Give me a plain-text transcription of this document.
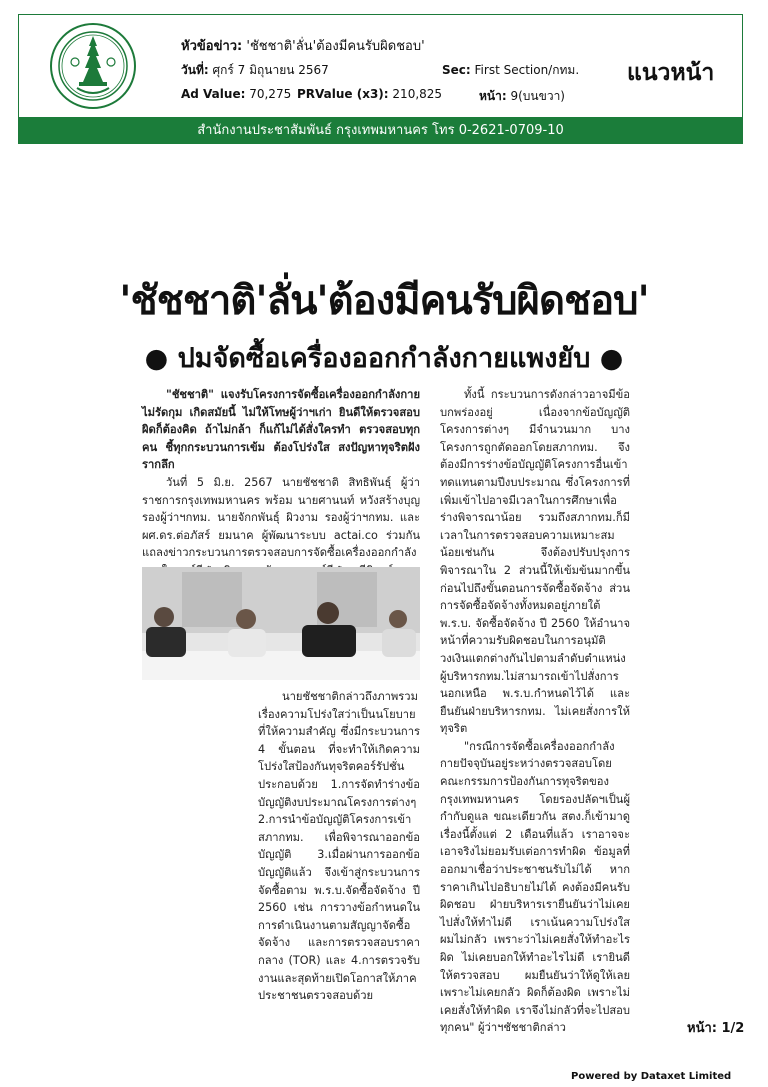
หัวข้อข่าว: 'ชัชชาติ'ลั่น'ต้องมีคนรับผิดชอบ'
วันที่: ศุกร์ 7 มิถุนายน 2567	Sec: First Section/กทม.
Ad Value: 70,275 PRValue (x3): 210,825	หน้า: 9(บนขวา)
แนวหน้า
สำนักงานประชาสัมพันธ์ กรุงเทพมหานคร โทร 0-2621-0709-10
'ชัชชาติ'ลั่น'ต้องมีคนรับผิดชอบ'
● ปมจัดซื้อเครื่องออกกำลังกายแพงยับ ●

"ชัชชาติ" แจงรับโครงการจัดซื้อเครื่องออกกำลังกายไม่รัดกุม เกิดสมัยนี้ ไม่ให้โทษผู้ว่าฯเก่า ยินดีให้ตรวจสอบ ผิดก็ต้องคิด ถ้าไม่กล้า ก็แก้ไม่ได้สั่งใครทำ ตรวจสอบทุกคน ชี้ทุกกระบวนการเข้ม ต้องโปร่งใส สงปัญหาทุจริตฝังรากลึก

วันที่ 5 มิ.ย. 2567 นายชัชชาติ สิทธิพันธุ์ ผู้ว่าราชการกรุงเทพมหานคร พร้อม นายศานนท์ หวังสร้างบุญ รองผู้ว่าฯกทม. นายจักกพันธุ์ ผิวงาม รองผู้ว่าฯกทม. และ ผศ.ดร.ต่อภัสร์ ยมนาค ผู้พัฒนาระบบ actai.co ร่วมกันแถลงข่าวกระบวนการตรวจสอบการจัดซื้อเครื่องออกกำลัง

นายชัชชาติกล่าวถึงภาพรวม เรื่องความโปร่งใสว่าเป็นนโยบายที่ให้ความสำคัญ ซึ่งมีกระบวนการ 4 ขั้นตอน ที่จะทำให้เกิดความโปร่งใสป้องกันทุจริตคอร์รัปชั่น ประกอบด้วย 1.การจัดทำร่างข้อบัญญัติงบประมาณโครงการต่างๆ 2.การนำข้อบัญญัติโครงการเข้าสภากทม. เพื่อพิจารณาออกข้อบัญญัติ 3.เมื่อผ่านการออกข้อบัญญัติแล้ว จึงเข้าสู่กระบวนการจัดซื้อตาม พ.ร.บ.จัดซื้อจัดจ้าง ปี 2560 เช่น การวางข้อกำหนดในการดำเนินงานตามสัญญาจัดซื้อจัดจ้าง และการตรวจสอบราคากลาง (TOR) และ 4.การตรวจรับงานและสุดท้ายเปิดโอกาสให้ภาคประชาชนตรวจสอบด้วย

ทั้งนี้ กระบวนการดังกล่าวอาจมีข้อบกพร่องอยู่ เนื่องจากข้อบัญญัติโครงการต่างๆ มีจำนวนมาก บางโครงการถูกตัดออกโดยสภากทม. จึงต้องมีการร่างข้อบัญญัติโครงการอื่นเข้าทดแทนตามปีงบประมาณ ซึ่งโครงการที่เพิ่มเข้าไปอาจมีเวลาในการศึกษาเพื่อร่างพิจารณาน้อย รวมถึงสภากทม.ก็มีเวลาในการตรวจสอบความเหมาะสมน้อยเช่นกัน จึงต้องปรับปรุงการพิจารณาใน 2 ส่วนนี้ให้เข้มข้นมากขึ้น ก่อนไปถึงขั้นตอนการจัดซื้อจัดจ้าง ส่วนการจัดซื้อจัดจ้างทั้งหมดอยู่ภายใต้ พ.ร.บ. จัดซื้อจัดจ้าง ปี 2560 ให้อำนาจหน้าที่ความรับผิดชอบในการอนุมัติวงเงินแตกต่างกันไปตามลำดับตำแหน่ง ผู้บริหารกทม.ไม่สามารถเข้าไปสั่งการนอกเหนือ พ.ร.บ.กำหนดไว้ได้ และยืนยันฝ่ายบริหารกทม. ไม่เคยสั่งการให้ทุจริต

"กรณีการจัดซื้อเครื่องออกกำลังกายปัจจุบันอยู่ระหว่างตรวจสอบโดยคณะกรรมการป้องกันการทุจริตของกรุงเทพมหานคร โดยรองปลัดฯเป็นผู้กำกับดูแล ขณะเดียวกัน สตง.ก็เข้ามาดูเรื่องนี้ตั้งแต่ 2 เดือนที่แล้ว เราอาจจะเอาจริงไม่ยอมรับเต่อการทำผิด ข้อมูลที่ออกมาเชื่อว่าประชาชนรับไม่ได้ หากราคาเกินไปอธิบายไม่ได้ คงต้องมีคนรับผิดชอบ ฝ่ายบริหารเรายืนยันว่าไม่เคยไปสั่งให้ทำไม่ดี เราเน้นความโปร่งใส ผมไม่กลัว เพราะว่าไม่เคยสั่งให้ทำอะไรผิด ไม่เคยบอกให้ทำอะไรไม่ดี เรายินดีให้ตรวจสอบ ผมยืนยันว่าให้ดูให้เลย เพราะไม่เคยกลัว ผิดก็ต้องผิด เพราะไม่เคยสั่งให้ทำผิด เราจึงไม่กลัวที่จะไปสอบทุกคน" ผู้ว่าฯชัชชาติกล่าว	หน้า: 1/2
Powered by Dataxet Limited
